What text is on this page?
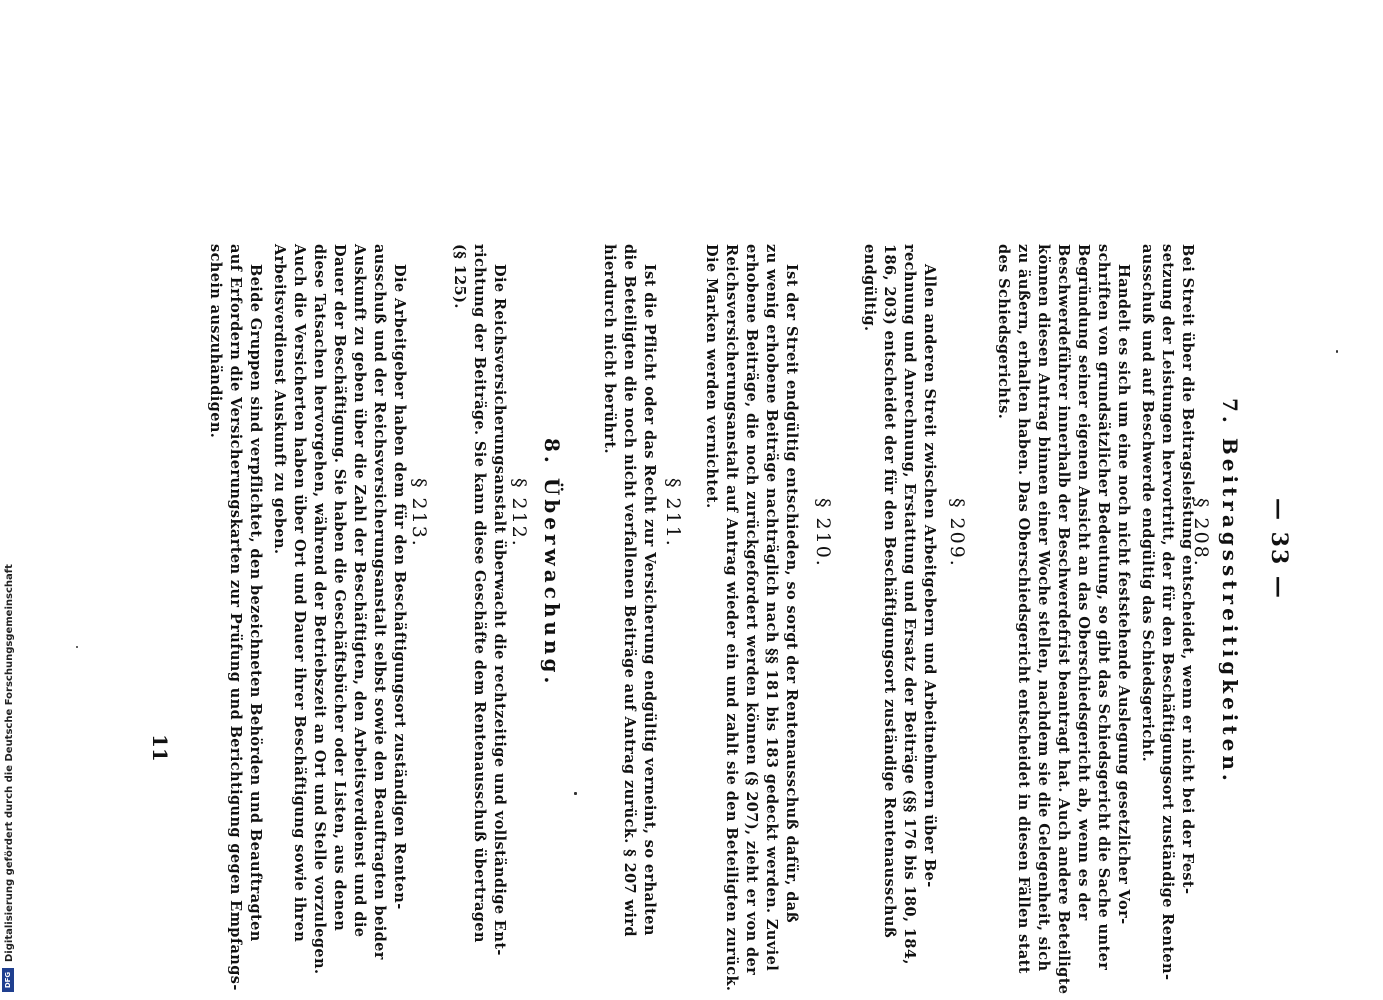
— 33 —
7. Beitragsstreitigkeiten.
§ 208.
Bei Streit über die Beitragsleistung entscheidet, wenn er nicht bei der Fest-
setzung der Leistungen hervortritt, der für den Beschäftigungsort zuständige Renten-
ausschuß und auf Beschwerde endgültig das Schiedsgericht.
Handelt es sich um eine noch nicht feststehende Auslegung gesetzlicher Vor-
schriften von grundsätzlicher Bedeutung, so gibt das Schiedsgericht die Sache unter
Begründung seiner eigenen Ansicht an das Oberschiedsgericht ab, wenn es der
Beschwerdeführer innerhalb der Beschwerdefrist beantragt hat. Auch andere Beteiligte
können diesen Antrag binnen einer Woche stellen, nachdem sie die Gelegenheit, sich
zu äußern, erhalten haben. Das Oberschiedsgericht entscheidet in diesen Fällen statt
des Schiedsgerichts.
§ 209.
Allen anderen Streit zwischen Arbeitgebern und Arbeitnehmern über Be-
rechnung und Anrechnung, Erstattung und Ersatz der Beiträge (§§ 176 bis 180, 184,
186, 203) entscheidet der für den Beschäftigungsort zuständige Rentenausschuß
endgültig.
§ 210.
Ist der Streit endgültig entschieden, so sorgt der Rentenausschuß dafür, daß
zu wenig erhobene Beiträge nachträglich nach §§ 181 bis 183 gedeckt werden. Zuviel
erhobene Beiträge, die noch zurückgefordert werden können (§ 207), zieht er von der
Reichsversicherungsanstalt auf Antrag wieder ein und zahlt sie den Beteiligten zurück.
Die Marken werden vernichtet.
§ 211.
Ist die Pflicht oder das Recht zur Versicherung endgültig verneint, so erhalten
die Beteiligten die noch nicht verfallenen Beiträge auf Antrag zurück. § 207 wird
hierdurch nicht berührt.
8. Überwachung.
§ 212.
Die Reichsversicherungsanstalt überwacht die rechtzeitige und vollständige Ent-
richtung der Beiträge. Sie kann diese Geschäfte dem Rentenausschuß übertragen
(§ 125).
§ 213.
Die Arbeitgeber haben dem für den Beschäftigungsort zuständigen Renten-
ausschuß und der Reichsversicherungsanstalt selbst sowie den Beauftragten beider
Auskunft zu geben über die Zahl der Beschäftigten, den Arbeitsverdienst und die
Dauer der Beschäftigung. Sie haben die Geschäftsbücher oder Listen, aus denen
diese Tatsachen hervorgehen, während der Betriebszeit an Ort und Stelle vorzulegen.
Auch die Versicherten haben über Ort und Dauer ihrer Beschäftigung sowie ihren
Arbeitsverdienst Auskunft zu geben.
Beide Gruppen sind verpflichtet, den bezeichneten Behörden und Beauftragten
auf Erfordern die Versicherungskarten zur Prüfung und Berichtigung gegen Empfangs-
schein auszuhändigen.
11
Digitalisierung gefördert durch die Deutsche Forschungsgemeinschaft
DFG
